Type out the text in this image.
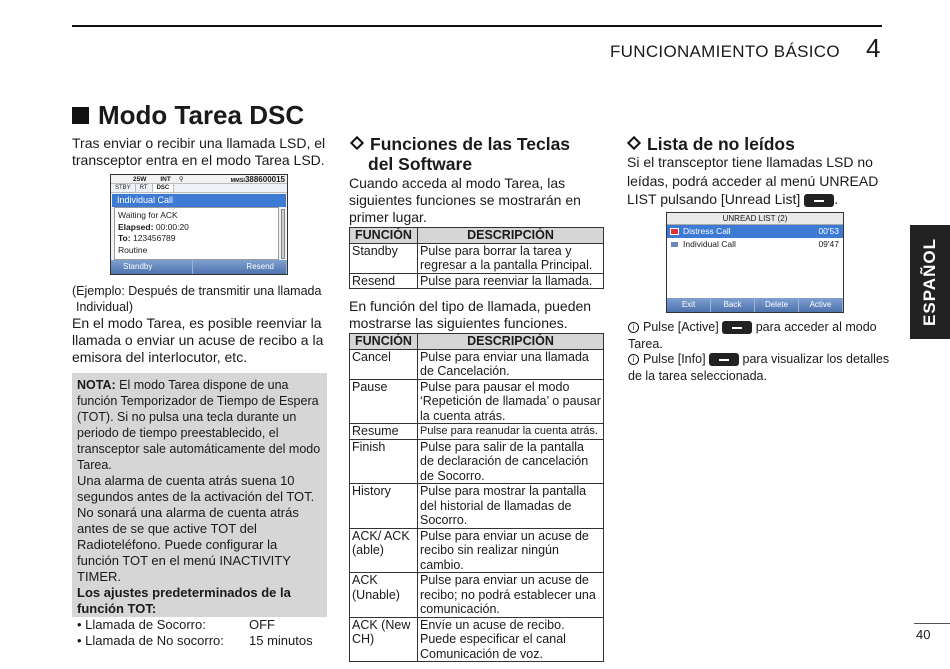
FUNCIONAMIENTO BÁSICO 4
ESPAÑOL
40
Modo Tarea DSC
Tras enviar o recibir una llamada LSD, el transceptor entra en el modo Tarea LSD.
25W INT ⚲	MMSI388600015
STBY	RT	DSC
Individual Call
Waiting for ACK
Elapsed: 00:00:20
To: 123456789
Routine
Standby	Resend
(Ejemplo: Después de transmitir una llamada
Individual)
En el modo Tarea, es posible reenviar la llamada o enviar un acuse de recibo a la emisora del interlocutor, etc.
NOTA: El modo Tarea dispone de una función Temporizador de Tiempo de Espera (TOT). Si no pulsa una tecla durante un periodo de tiempo preestablecido, el transceptor sale automáticamente del modo Tarea.
Una alarma de cuenta atrás suena 10 segundos antes de la activación del TOT. No sonará una alarma de cuenta atrás antes de se que active TOT del Radioteléfono. Puede configurar la función TOT en el menú INACTIVITY TIMER.
Los ajustes predeterminados de la función TOT:
• Llamada de Socorro:	OFF
• Llamada de No socorro:	15 minutos
Funciones de las Teclas
del Software
Cuando acceda al modo Tarea, las siguientes funciones se mostrarán en primer lugar.
FUNCIÓN	DESCRIPCIÓN
Standby	Pulse para borrar la tarea y regresar a la pantalla Principal.
Resend	Pulse para reenviar la llamada.
En función del tipo de llamada, pueden mostrarse las siguientes funciones.
FUNCIÓN	DESCRIPCIÓN
Cancel	Pulse para enviar una llamada de Cancelación.
Pause	Pulse para pausar el modo ‘Repetición de llamada’ o pausar la cuenta atrás.
Resume	Pulse para reanudar la cuenta atrás.
Finish	Pulse para salir de la pantalla de declaración de cancelación de Socorro.
History	Pulse para mostrar la pantalla del historial de llamadas de Socorro.
ACK/ ACK (able)	Pulse para enviar un acuse de recibo sin realizar ningún cambio.
ACK (Unable)	Pulse para enviar un acuse de recibo; no podrá establecer una comunicación.
ACK (New CH)	Envíe un acuse de recibo. Puede especificar el canal Comunicación de voz.
Lista de no leídos
Si el transceptor tiene llamadas LSD no leídas, podrá acceder al menú UNREAD LIST pulsando [Unread List] .
UNREAD LIST (2)
Distress Call	00'53
Individual Call	09'47
Exit	Back	Delete	Active
i Pulse [Active]	para acceder al modo Tarea.
i Pulse [Info]	para visualizar los detalles de la tarea seleccionada.
